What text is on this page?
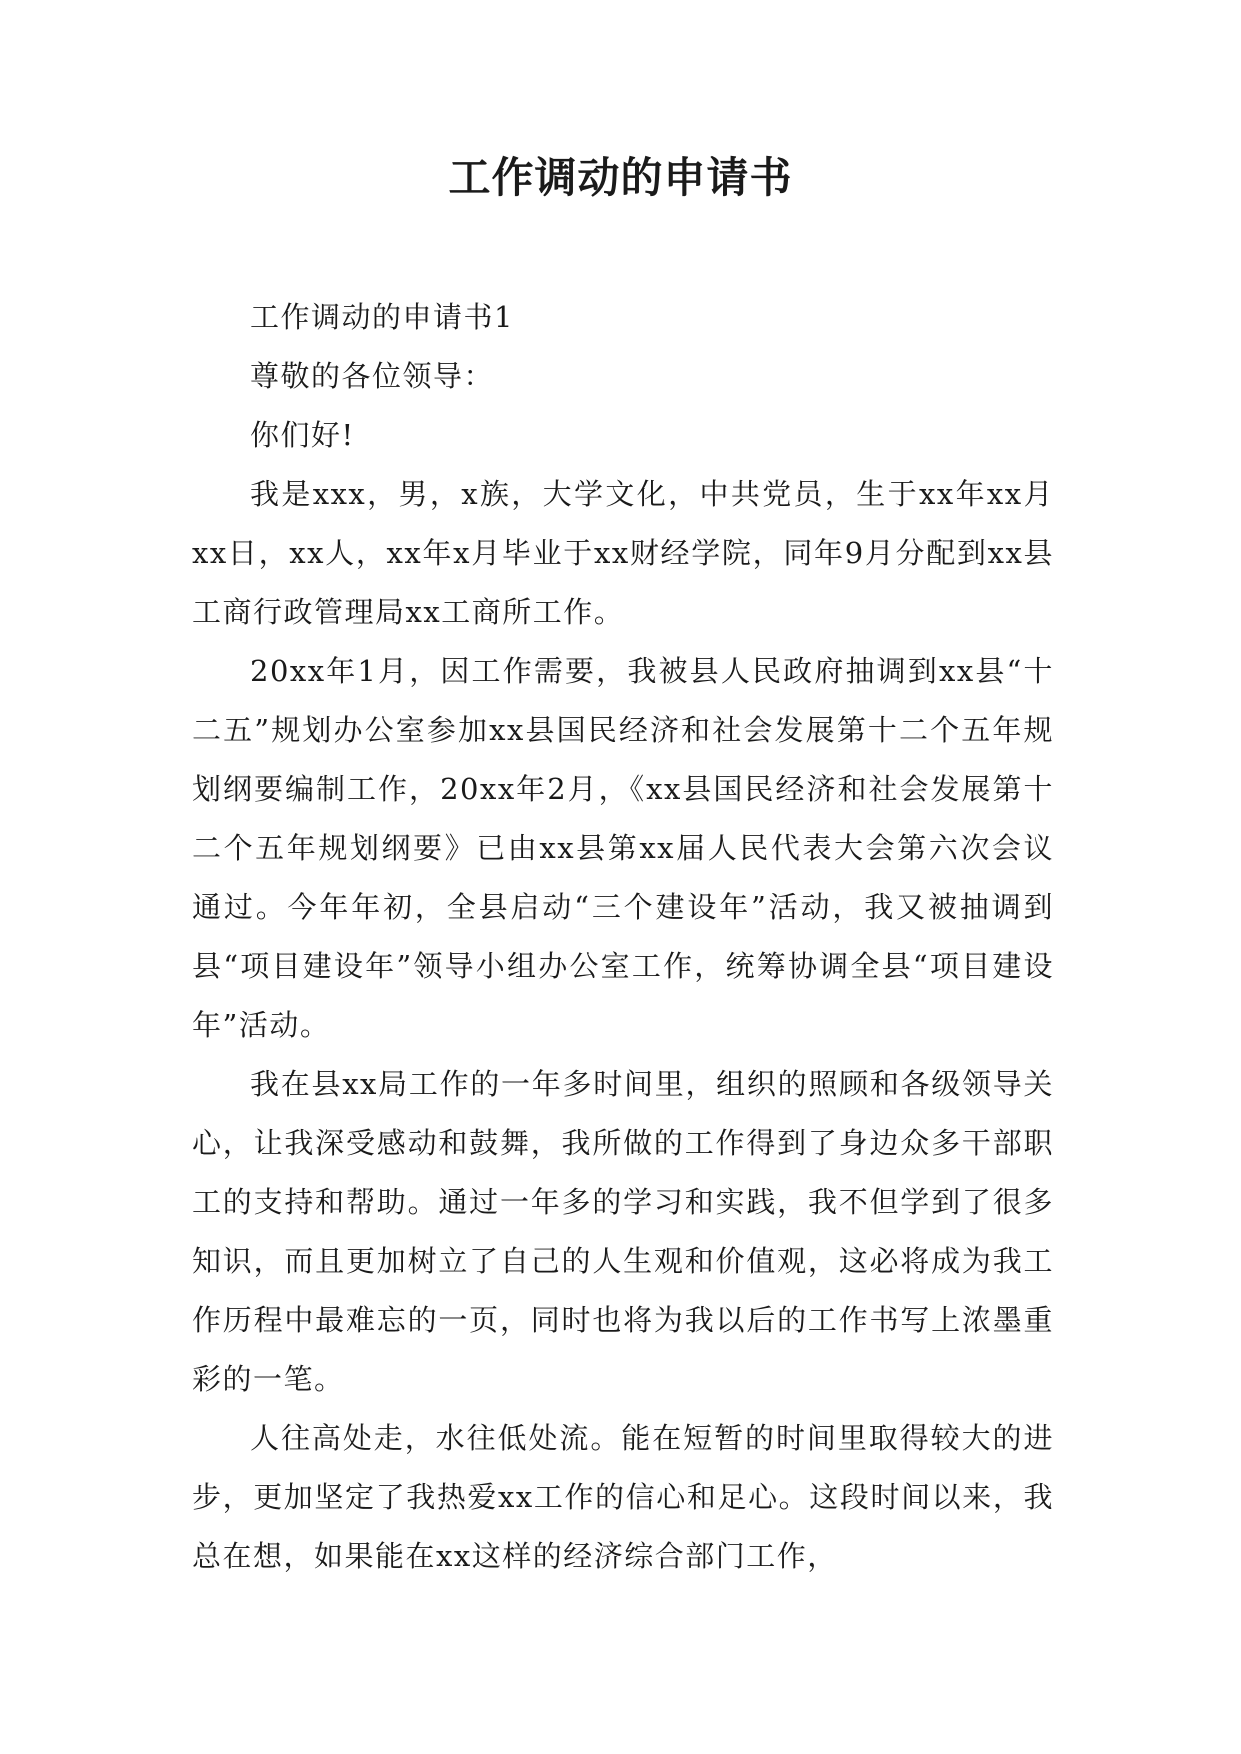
工作调动的申请书

工作调动的申请书1

尊敬的各位领导：

你们好!

我是xxx，男，x族，大学文化，中共党员，生于xx年xx月xx日，xx人，xx年x月毕业于xx财经学院，同年9月分配到xx县工商行政管理局xx工商所工作。

20xx年1月，因工作需要，我被县人民政府抽调到xx县“十二五”规划办公室参加xx县国民经济和社会发展第十二个五年规划纲要编制工作，20xx年2月，《xx县国民经济和社会发展第十二个五年规划纲要》已由xx县第xx届人民代表大会第六次会议通过。今年年初，全县启动“三个建设年”活动，我又被抽调到县“项目建设年”领导小组办公室工作，统筹协调全县“项目建设年”活动。

我在县xx局工作的一年多时间里，组织的照顾和各级领导关心，让我深受感动和鼓舞，我所做的工作得到了身边众多干部职工的支持和帮助。通过一年多的学习和实践，我不但学到了很多知识，而且更加树立了自己的人生观和价值观，这必将成为我工作历程中最难忘的一页，同时也将为我以后的工作书写上浓墨重彩的一笔。

人往高处走，水往低处流。能在短暂的时间里取得较大的进步，更加坚定了我热爱xx工作的信心和足心。这段时间以来，我总在想，如果能在xx这样的经济综合部门工作，
